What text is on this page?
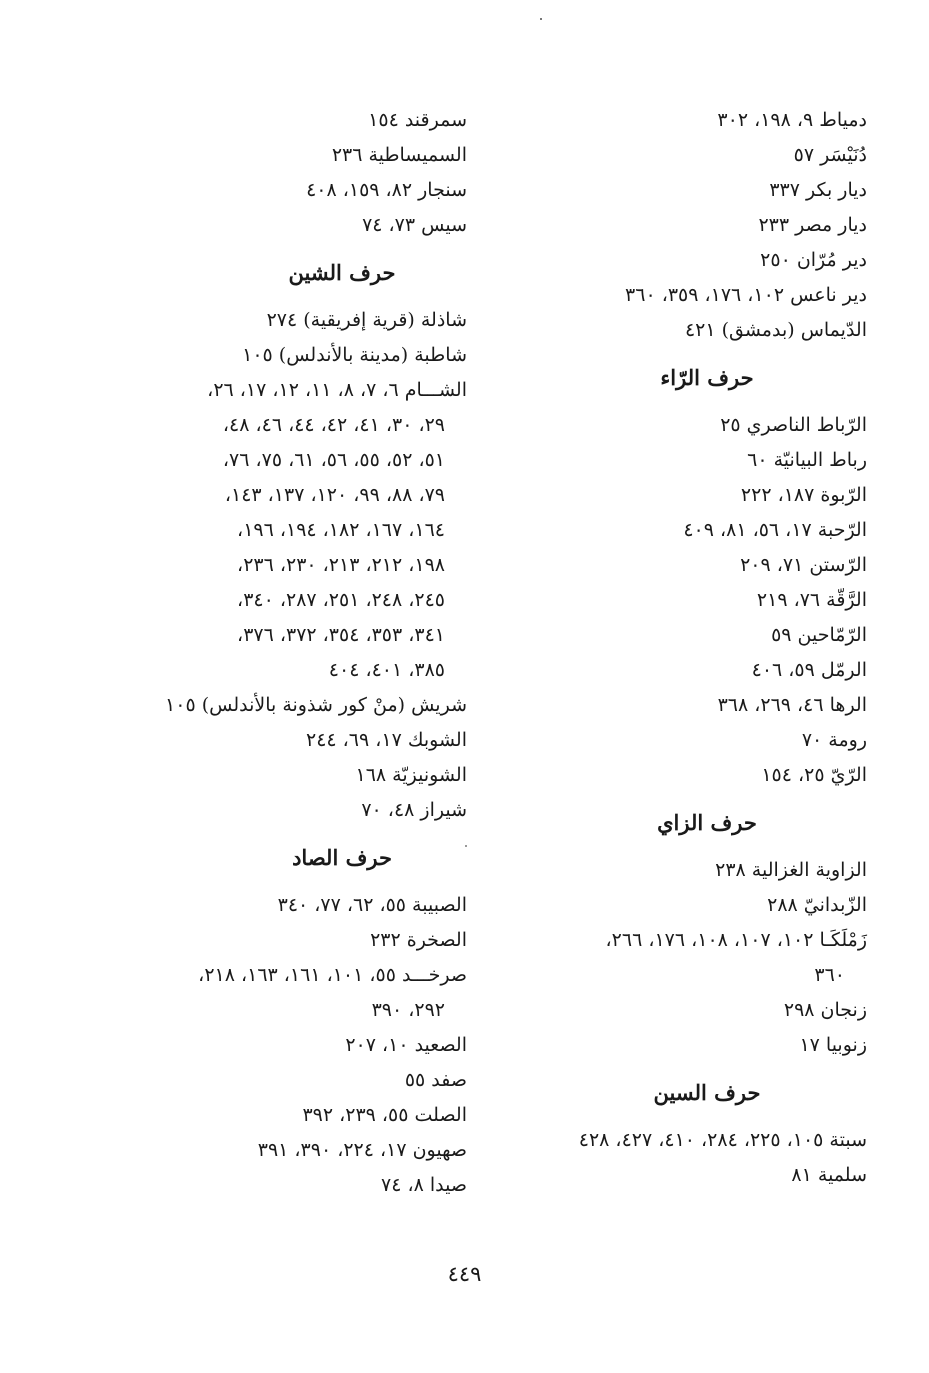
دمياط ٩، ١٩٨، ٣٠٢
دُنَيْسَر ٥٧
ديار بكر ٣٣٧
ديار مصر ٢٣٣
دير مُرّان ٢٥٠
دير ناعس ١٠٢، ١٧٦، ٣٥٩، ٣٦٠
الدّيماس (بدمشق) ٤٢١
حرف الرّاء
الرّباط الناصري ٢٥
رباط البيانيّة ٦٠
الرّبوة ١٨٧، ٢٢٢
الرّحبة ١٧، ٥٦، ٨١، ٤٠٩
الرّستن ٧١، ٢٠٩
الرَّقّة ٧٦، ٢١٩
الرّمّاحين ٥٩
الرمّل ٥٩، ٤٠٦
الرها ٤٦، ٢٦٩، ٣٦٨
رومة ٧٠
الرّيّ ٢٥، ١٥٤
حرف الزاي
الزاوية الغزالية ٢٣٨
الزّبدانيّ ٢٨٨
زَمْلَكَـا ١٠٢، ١٠٧، ١٠٨، ١٧٦، ٢٦٦،
٣٦٠
زنجان ٢٩٨
زنوبيا ١٧
حرف السين
سبتة ١٠٥، ٢٢٥، ٢٨٤، ٤١٠، ٤٢٧، ٤٢٨
سلمية ٨١
سمرقند ١٥٤
السميساطية ٢٣٦
سنجار ٨٢، ١٥٩، ٤٠٨
سيس ٧٣، ٧٤
حرف الشين
شاذلة (قرية إفريقية) ٢٧٤
شاطبة (مدينة بالأندلس) ١٠٥
الشـــام ٦، ٧، ٨، ١١، ١٢، ١٧، ٢٦،
٢٩، ٣٠، ٤١، ٤٢، ٤٤، ٤٦، ٤٨،
٥١، ٥٢، ٥٥، ٥٦، ٦١، ٧٥، ٧٦،
٧٩، ٨٨، ٩٩، ١٢٠، ١٣٧، ١٤٣،
١٦٤، ١٦٧، ١٨٢، ١٩٤، ١٩٦،
١٩٨، ٢١٢، ٢١٣، ٢٣٠، ٢٣٦،
٢٤٥، ٢٤٨، ٢٥١، ٢٨٧، ٣٤٠،
٣٤١، ٣٥٣، ٣٥٤، ٣٧٢، ٣٧٦،
٣٨٥، ٤٠١، ٤٠٤
شريش (منْ كور شذونة بالأندلس) ١٠٥
الشوبك ١٧، ٦٩، ٢٤٤
الشونيزيّة ١٦٨
شيراز ٤٨، ٧٠
حرف الصاد
الصبيبة ٥٥، ٦٢، ٧٧، ٣٤٠
الصخرة ٢٣٢
صرخـــد ٥٥، ١٠١، ١٦١، ١٦٣، ٢١٨،
٢٩٢، ٣٩٠
الصعيد ١٠، ٢٠٧
صفد ٥٥
الصلت ٥٥، ٢٣٩، ٣٩٢
صهيون ١٧، ٢٢٤، ٣٩٠، ٣٩١
صيدا ٨، ٧٤
٤٤٩
